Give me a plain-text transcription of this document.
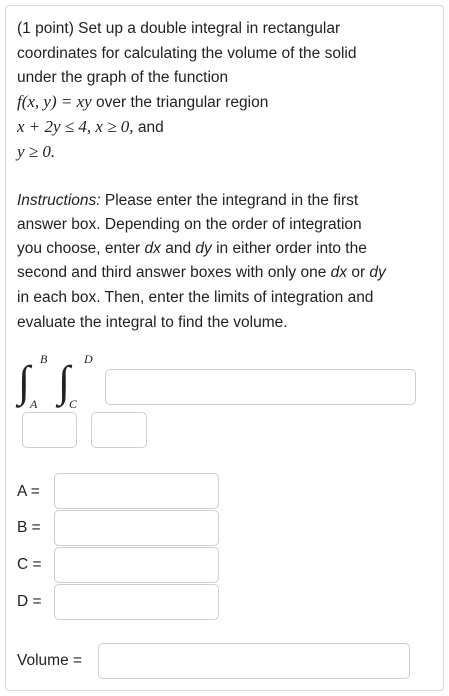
(1 point) Set up a double integral in rectangular
coordinates for calculating the volume of the solid
under the graph of the function
f(x, y) = xy over the triangular region
x + 2y ≤ 4, x ≥ 0, and
y ≥ 0.
Instructions: Please enter the integrand in the first
answer box. Depending on the order of integration
you choose, enter dx and dy in either order into the
second and third answer boxes with only one dx or dy
in each box. Then, enter the limits of integration and
evaluate the integral to find the volume.
∫ B
A ∫ D
C
A =
B =
C =
D =
Volume =
